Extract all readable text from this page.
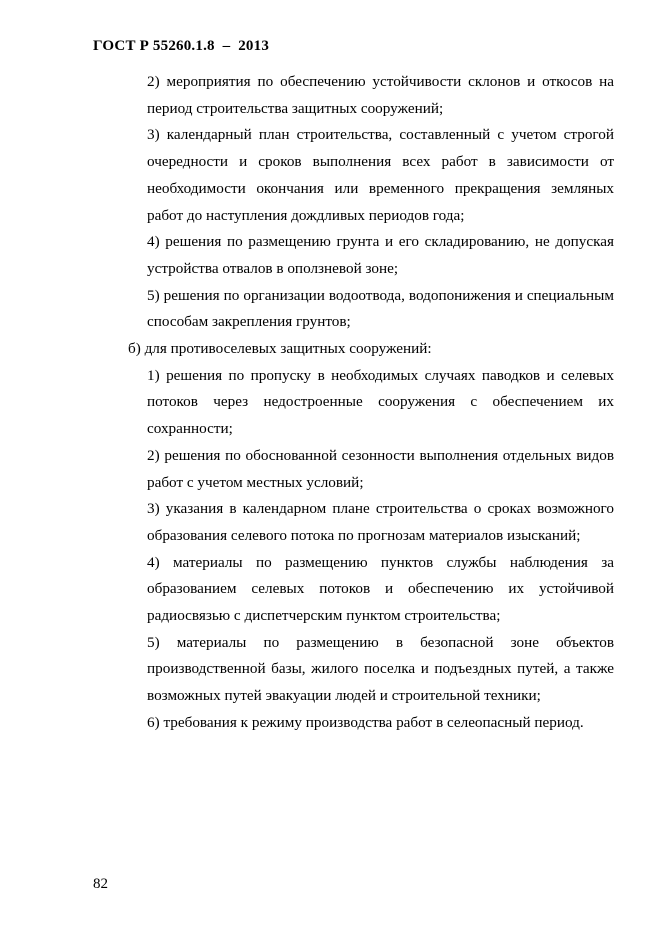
ГОСТ Р 55260.1.8  –  2013

2) мероприятия по обеспечению устойчивости склонов и откосов на период строительства защитных сооружений;

3) календарный план строительства, составленный с учетом строгой очередности и сроков выполнения всех работ в зависимости от необходимости окончания или временного прекращения земляных работ до наступления дождливых периодов года;

4) решения по размещению грунта и его складированию, не допуская устройства отвалов в оползневой зоне;

5) решения по организации водоотвода, водопонижения и специальным способам закрепления грунтов;

б) для противоселевых защитных сооружений:

1) решения по пропуску в необходимых случаях паводков и селевых потоков через недостроенные сооружения с обеспечением их сохранности;

2) решения по обоснованной сезонности выполнения отдельных видов работ с учетом местных условий;

3) указания в календарном плане строительства о сроках возможного образования селевого потока по прогнозам материалов изысканий;

4) материалы по размещению пунктов службы наблюдения за образованием селевых потоков и обеспечению их устойчивой радиосвязью с диспетчерским пунктом строительства;

5) материалы по размещению в безопасной зоне объектов производственной базы, жилого поселка и подъездных путей, а также возможных путей эвакуации людей и строительной техники;

6) требования к режиму производства работ в селеопасный период.

82
